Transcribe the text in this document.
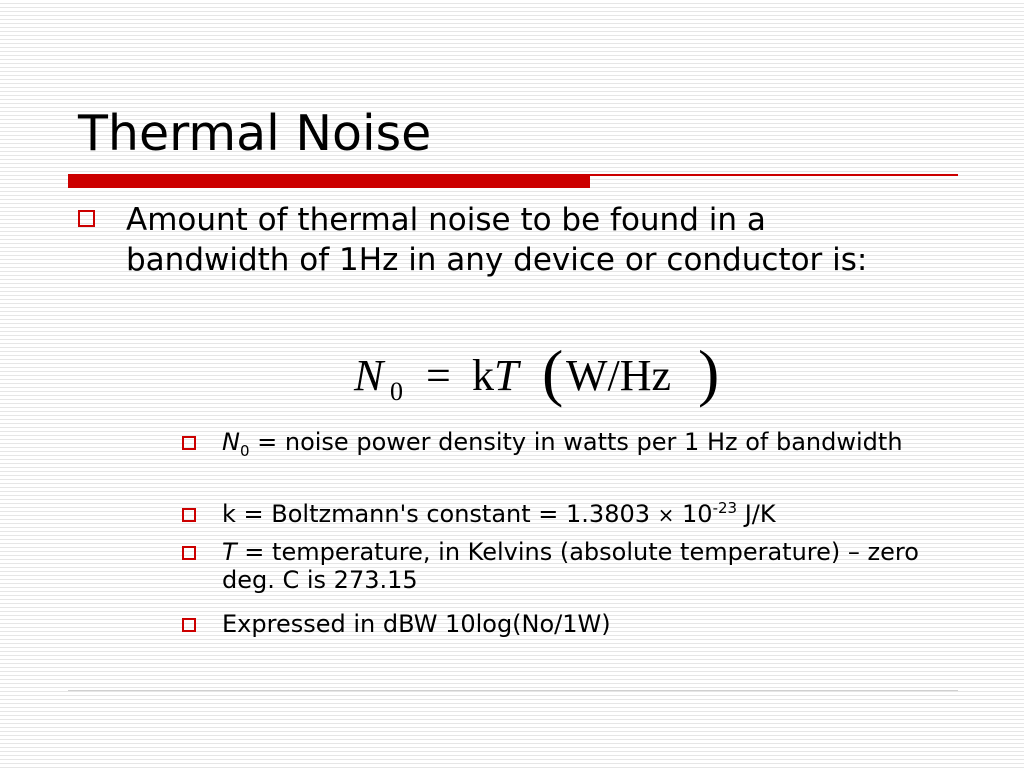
Thermal Noise
Amount of thermal noise to be found in a bandwidth of 1Hz in any device or conductor is:
N 0 = k T ( W/Hz )
$N_0$ = noise power density in watts per 1 Hz of bandwidth
k = Boltzmann's constant = $1.3803 \times 10^{-23}$ J/K
T = temperature, in Kelvins (absolute temperature) – zero deg. C is 273.15
Expressed in dBW 10log(No/1W)
